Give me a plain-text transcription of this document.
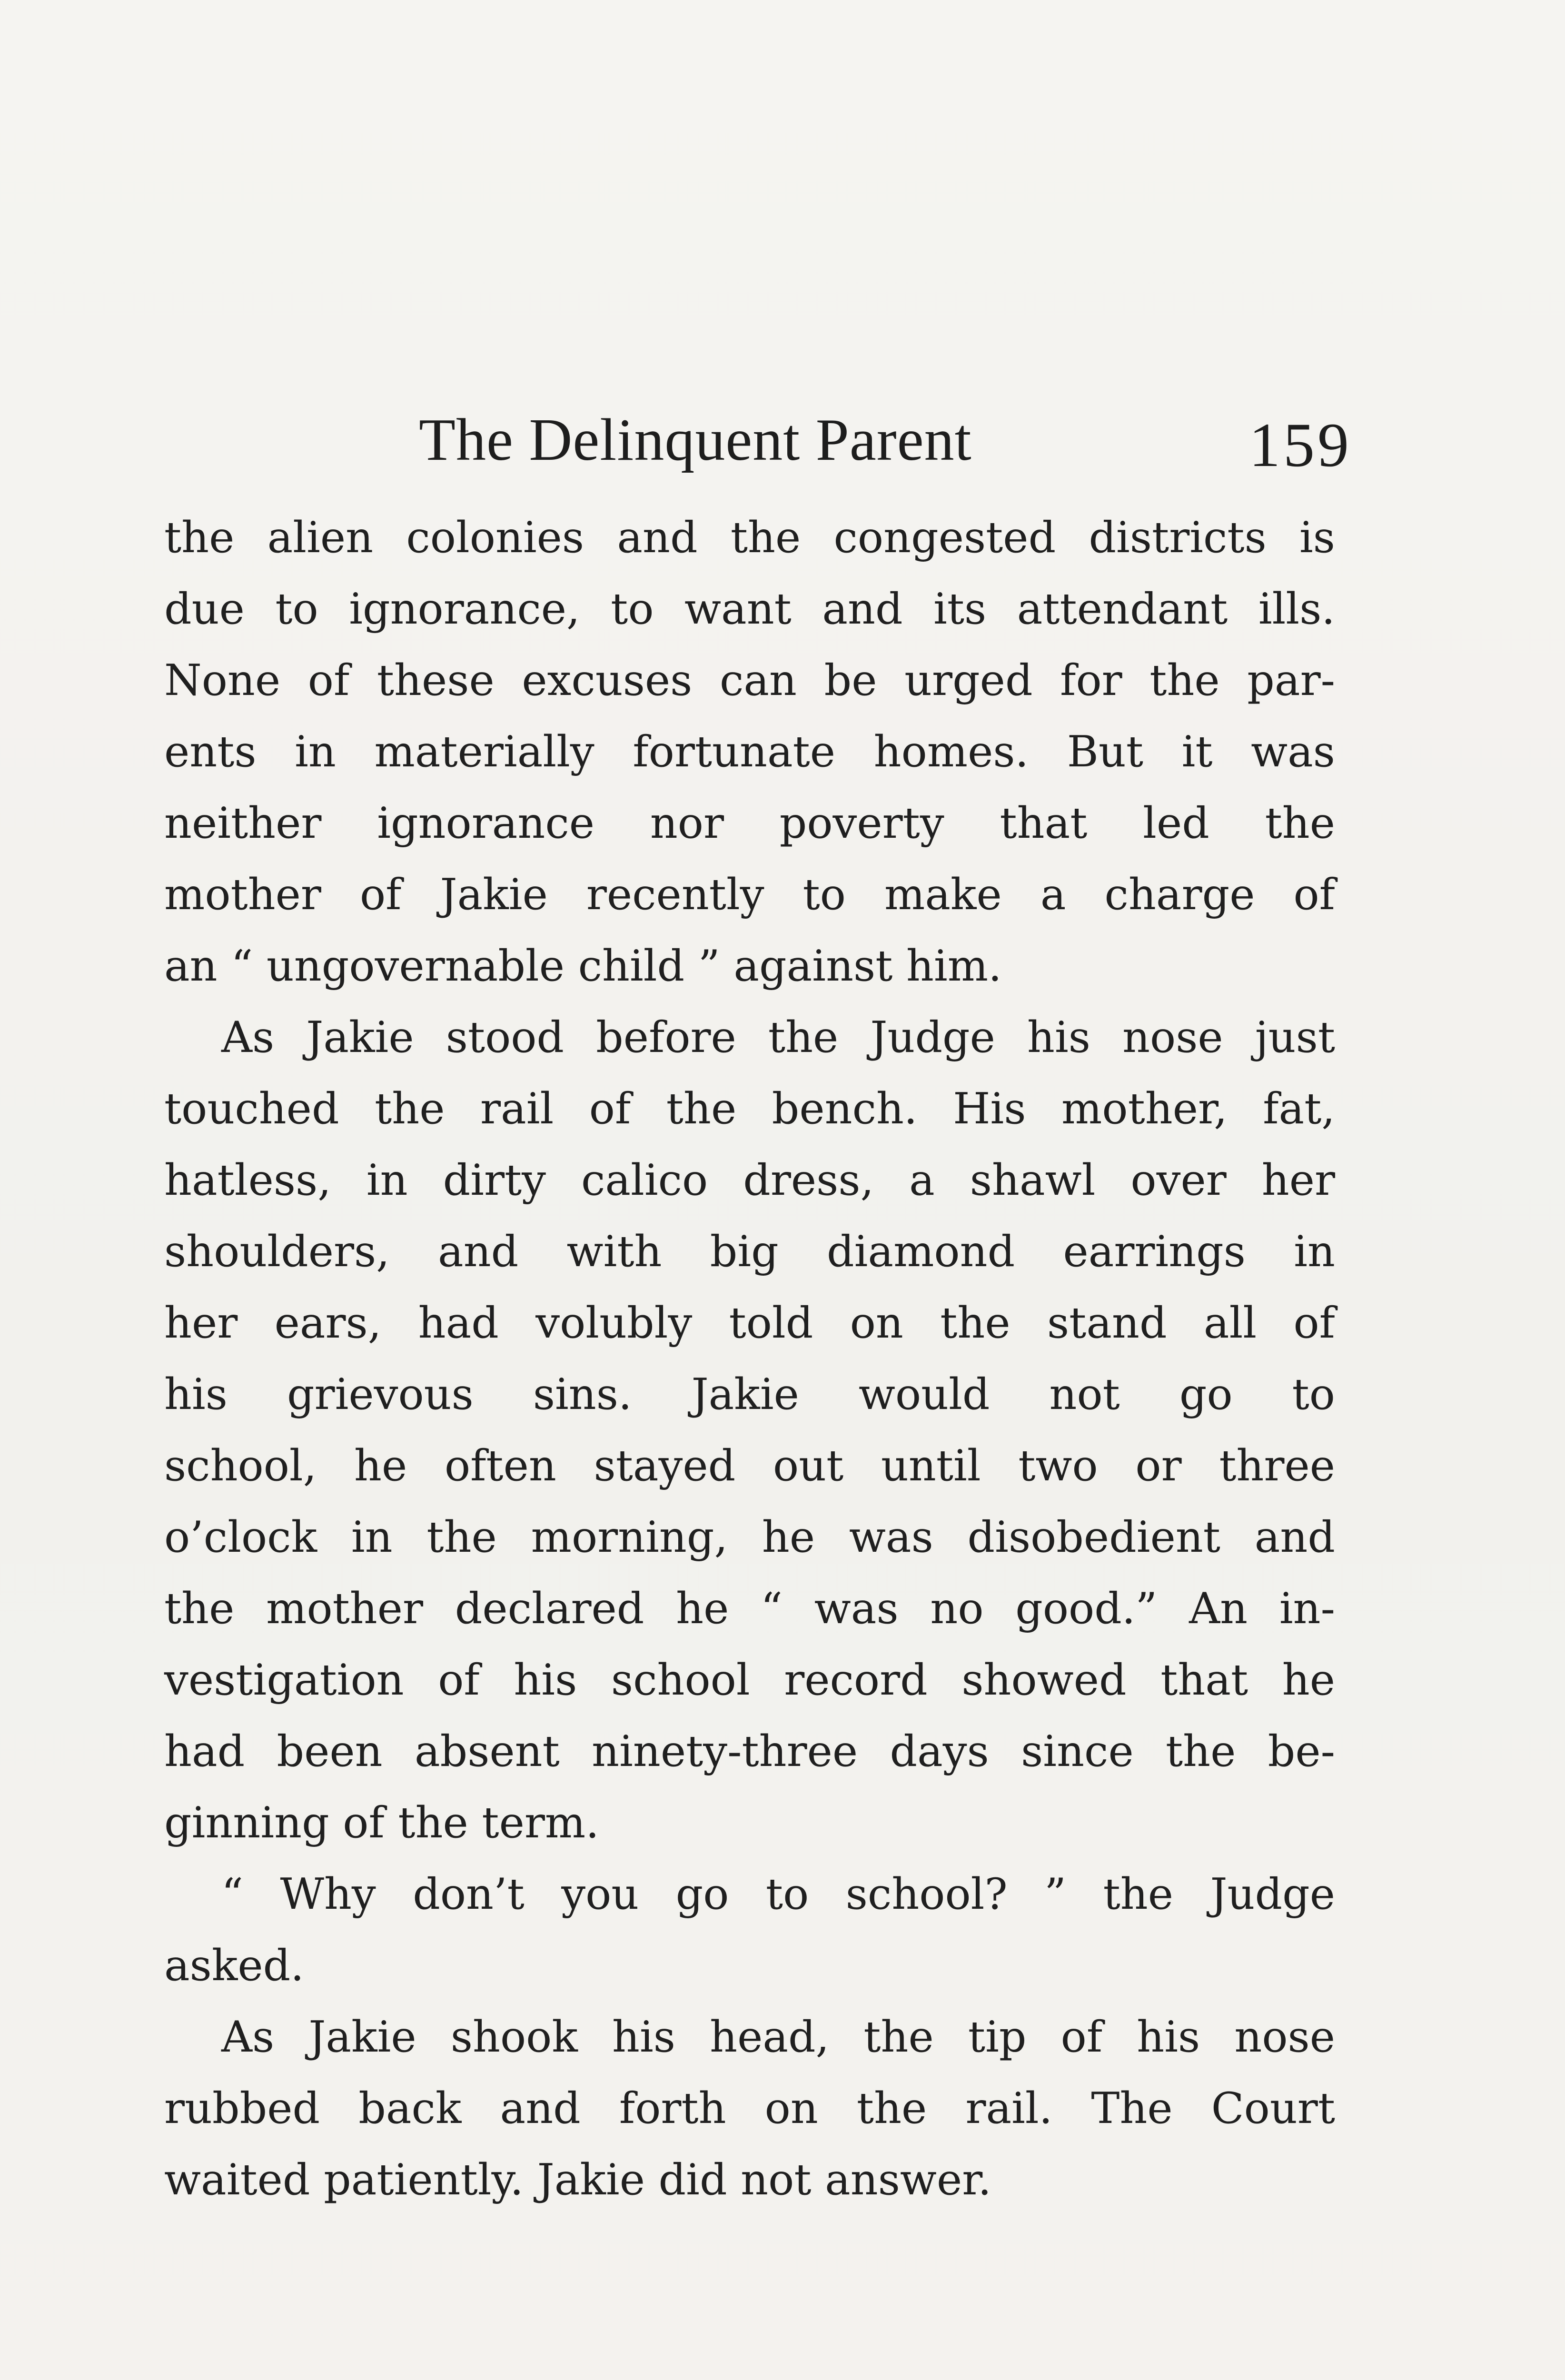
The Delinquent Parent	159
the alien colonies and the congested districts is
due to ignorance, to want and its attendant ills.
None of these excuses can be urged for the par-
ents in materially fortunate homes. But it was
neither ignorance nor poverty that led the
mother of Jakie recently to make a charge of
an “ ungovernable child ” against him.
As Jakie stood before the Judge his nose just
touched the rail of the bench. His mother, fat,
hatless, in dirty calico dress, a shawl over her
shoulders, and with big diamond earrings in
her ears, had volubly told on the stand all of
his grievous sins. Jakie would not go to
school, he often stayed out until two or three
o’clock in the morning, he was disobedient and
the mother declared he “ was no good.” An in-
vestigation of his school record showed that he
had been absent ninety-three days since the be-
ginning of the term.
“ Why don’t you go to school? ” the Judge
asked.
As Jakie shook his head, the tip of his nose
rubbed back and forth on the rail. The Court
waited patiently. Jakie did not answer.
